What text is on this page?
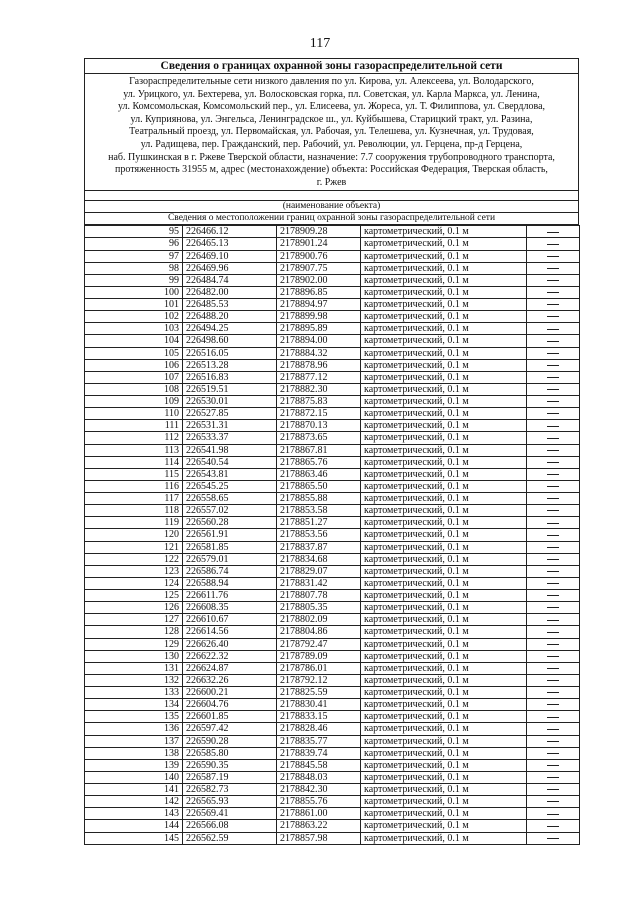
117
Сведения о границах охранной зоны газораспределительной сети

Газораспределительные сети низкого давления по ул. Кирова, ул. Алексеева, ул. Володарского,
ул. Урицкого, ул. Бехтерева, ул. Волосковская горка, пл. Советская, ул. Карла Маркса, ул. Ленина,
ул. Комсомольская, Комсомольский пер., ул. Елисеева, ул. Жореса, ул. Т. Филиппова, ул. Свердлова,
ул. Куприянова, ул. Энгельса, Ленинградское ш., ул. Куйбышева, Старицкий тракт, ул. Разина,
Театральный проезд, ул. Первомайская, ул. Рабочая, ул. Телешева, ул. Кузнечная, ул. Трудовая,
ул. Радищева, пер. Гражданский, пер. Рабочий, ул. Революции, ул. Герцена, пр-д Герцена,
наб. Пушкинская в г. Ржеве Тверской области, назначение: 7.7 сооружения трубопроводного транспорта,
протяженность 31955 м, адрес (местонахождение) объекта: Российская Федерация, Тверская область,
г. Ржев

(наименование объекта)
Сведения о местоположении границ охранной зоны газораспределительной сети
95	226466.12	2178909.28	картометрический, 0.1 м	
96	226465.13	2178901.24	картометрический, 0.1 м	
97	226469.10	2178900.76	картометрический, 0.1 м	
98	226469.96	2178907.75	картометрический, 0.1 м	
99	226484.74	2178902.00	картометрический, 0.1 м	
100	226482.00	2178896.85	картометрический, 0.1 м	
101	226485.53	2178894.97	картометрический, 0.1 м	
102	226488.20	2178899.98	картометрический, 0.1 м	
103	226494.25	2178895.89	картометрический, 0.1 м	
104	226498.60	2178894.00	картометрический, 0.1 м	
105	226516.05	2178884.32	картометрический, 0.1 м	
106	226513.28	2178878.96	картометрический, 0.1 м	
107	226516.83	2178877.12	картометрический, 0.1 м	
108	226519.51	2178882.30	картометрический, 0.1 м	
109	226530.01	2178875.83	картометрический, 0.1 м	
110	226527.85	2178872.15	картометрический, 0.1 м	
111	226531.31	2178870.13	картометрический, 0.1 м	
112	226533.37	2178873.65	картометрический, 0.1 м	
113	226541.98	2178867.81	картометрический, 0.1 м	
114	226540.54	2178865.76	картометрический, 0.1 м	
115	226543.81	2178863.46	картометрический, 0.1 м	
116	226545.25	2178865.50	картометрический, 0.1 м	
117	226558.65	2178855.88	картометрический, 0.1 м	
118	226557.02	2178853.58	картометрический, 0.1 м	
119	226560.28	2178851.27	картометрический, 0.1 м	
120	226561.91	2178853.56	картометрический, 0.1 м	
121	226581.85	2178837.87	картометрический, 0.1 м	
122	226579.01	2178834.68	картометрический, 0.1 м	
123	226586.74	2178829.07	картометрический, 0.1 м	
124	226588.94	2178831.42	картометрический, 0.1 м	
125	226611.76	2178807.78	картометрический, 0.1 м	
126	226608.35	2178805.35	картометрический, 0.1 м	
127	226610.67	2178802.09	картометрический, 0.1 м	
128	226614.56	2178804.86	картометрический, 0.1 м	
129	226626.40	2178792.47	картометрический, 0.1 м	
130	226622.32	2178789.09	картометрический, 0.1 м	
131	226624.87	2178786.01	картометрический, 0.1 м	
132	226632.26	2178792.12	картометрический, 0.1 м	
133	226600.21	2178825.59	картометрический, 0.1 м	
134	226604.76	2178830.41	картометрический, 0.1 м	
135	226601.85	2178833.15	картометрический, 0.1 м	
136	226597.42	2178828.46	картометрический, 0.1 м	
137	226590.28	2178835.77	картометрический, 0.1 м	
138	226585.80	2178839.74	картометрический, 0.1 м	
139	226590.35	2178845.58	картометрический, 0.1 м	
140	226587.19	2178848.03	картометрический, 0.1 м	
141	226582.73	2178842.30	картометрический, 0.1 м	
142	226565.93	2178855.76	картометрический, 0.1 м	
143	226569.41	2178861.00	картометрический, 0.1 м	
144	226566.08	2178863.22	картометрический, 0.1 м	
145	226562.59	2178857.98	картометрический, 0.1 м	
